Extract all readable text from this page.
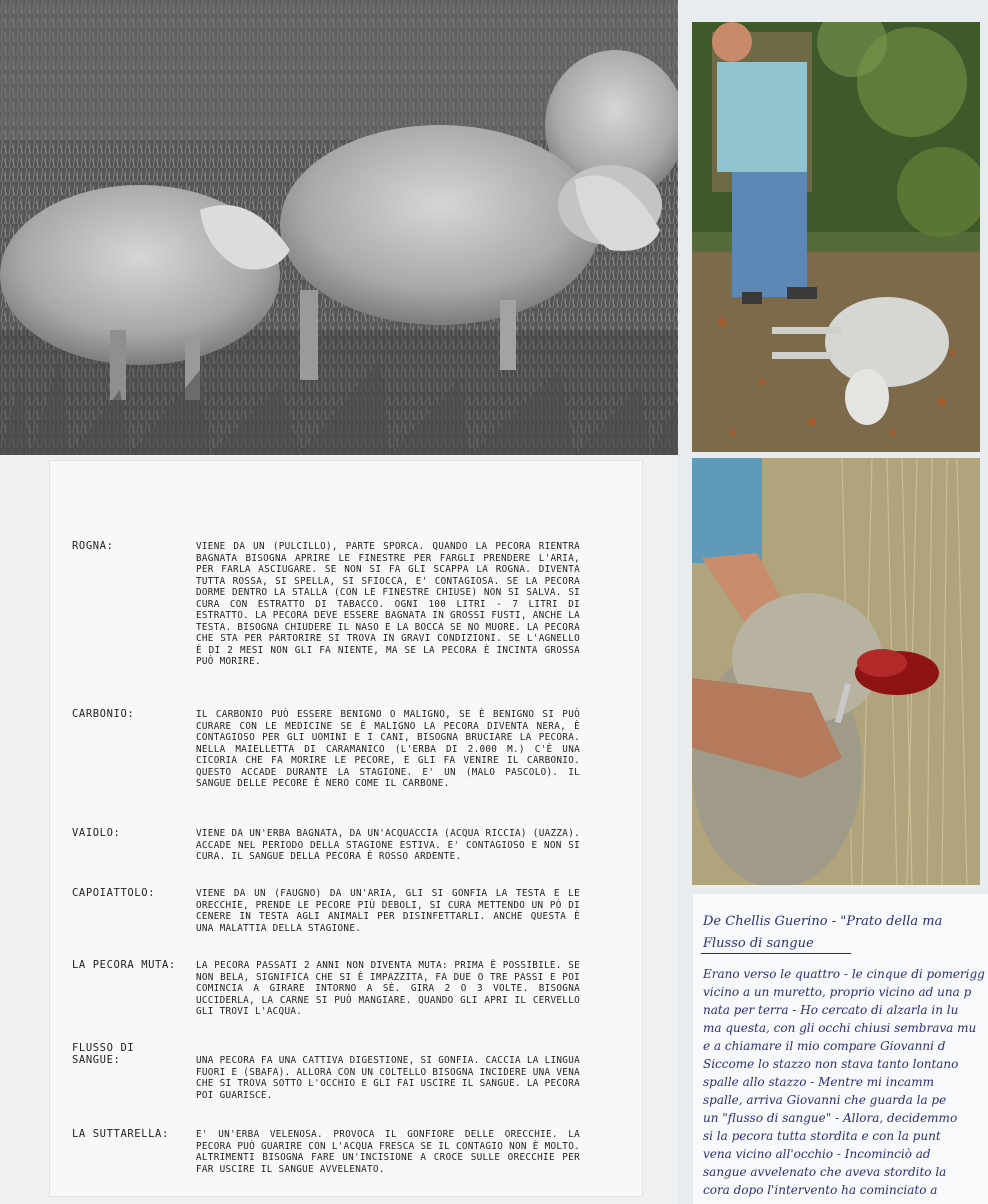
ROGNA:	VIENE DA UN (PULCILLO), PARTE SPORCA. QUANDO LA PECORA RIENTRA BAGNATA BISOGNA APRIRE LE FINESTRE PER FARGLI PRENDERE L'ARIA, PER FARLA ASCIUGARE. SE NON SI FA GLI SCAPPA LA ROGNA. DIVENTA TUTTA ROSSA, SI SPELLA, SI SFIOCCA, E' CONTAGIOSA. SE LA PECORA DORME DENTRO LA STALLA (CON LE FINESTRE CHIUSE) NON SI SALVA. SI CURA CON ESTRATTO DI TABACCO. OGNI 100 LITRI - 7 LITRI DI ESTRATTO. LA PECORA DEVE ESSERE BAGNATA IN GROSSI FUSTI, ANCHE LA TESTA. BISOGNA CHIUDERE IL NASO E LA BOCCA SE NO MUORE. LA PECORA CHE STA PER PARTORIRE SI TROVA IN GRAVI CONDIZIONI. SE L'AGNELLO È DI 2 MESI NON GLI FA NIENTE, MA SE LA PECORA È INCINTA GROSSA PUÒ MORIRE.
CARBONIO:	IL CARBONIO PUÒ ESSERE BENIGNO O MALIGNO, SE È BENIGNO SI PUÒ CURARE CON LE MEDICINE SE È MALIGNO LA PECORA DIVENTA NERA, È CONTAGIOSO PER GLI UOMINI E I CANI, BISOGNA BRUCIARE LA PECORA. NELLA MAIELLETTA DI CARAMANICO (L'ERBA DI 2.000 M.) C'È UNA CICORIA CHE FA MORIRE LE PECORE, E GLI FA VENIRE IL CARBONIO. QUESTO ACCADE DURANTE LA STAGIONE. E' UN (MALO PASCOLO). IL SANGUE DELLE PECORE È NERO COME IL CARBONE.
VAIOLO:	VIENE DA UN'ERBA BAGNATA, DA UN'ACQUACCIA (ACQUA RICCIA) (UAZZA). ACCADE NEL PERIODO DELLA STAGIONE ESTIVA. E' CONTAGIOSO E NON SI CURA. IL SANGUE DELLA PECORA È ROSSO ARDENTE.
CAPOIATTOLO:	VIENE DA UN (FAUGNO) DA UN'ARIA, GLI SI GONFIA LA TESTA E LE ORECCHIE, PRENDE LE PECORE PIÙ DEBOLI, SI CURA METTENDO UN PÒ DI CENERE IN TESTA AGLI ANIMALI PER DISINFETTARLI. ANCHE QUESTA È UNA MALATTIA DELLA STAGIONE.
LA PECORA MUTA:	LA PECORA PASSATI 2 ANNI NON DIVENTA MUTA: PRIMA È POSSIBILE. SE NON BELA, SIGNIFICA CHE SI È IMPAZZITA, FA DUE O TRE PASSI E POI COMINCIA A GIRARE INTORNO A SÈ. GIRA 2 O 3 VOLTE. BISOGNA UCCIDERLA, LA CARNE SI PUÒ MANGIARE. QUANDO GLI APRI IL CERVELLO GLI TROVI L'ACQUA.
FLUSSO DI SANGUE:	UNA PECORA FA UNA CATTIVA DIGESTIONE, SI GONFIA. CACCIA LA LINGUA FUORI E (SBAFA). ALLORA CON UN COLTELLO BISOGNA INCIDERE UNA VENA CHE SI TROVA SOTTO L'OCCHIO E GLI FAI USCIRE IL SANGUE. LA PECORA POI GUARISCE.
LA SUTTARELLA:	E' UN'ERBA VELENOSA. PROVOCA IL GONFIORE DELLE ORECCHIE. LA PECORA PUÒ GUARIRE CON L'ACQUA FRESCA SE IL CONTAGIO NON È MOLTO. ALTRIMENTI BISOGNA FARE UN'INCISIONE A CROCE SULLE ORECCHIE PER FAR USCIRE IL SANGUE AVVELENATO.
De Chellis Guerino - "Prato della ma
Flusso di sangue
Erano verso le quattro - le cinque di pomerigg
vicino a un muretto, proprio vicino ad una p
nata per terra - Ho cercato di alzarla in lu
ma questa, con gli occhi chiusi sembrava mu
e a chiamare il mio compare Giovanni d
Siccome lo stazzo non stava tanto lontano
spalle allo stazzo - Mentre mi incamm
spalle, arriva Giovanni che guarda la pe
un "flusso di sangue" - Allora, decidemmo
si la pecora tutta stordita e con la punt
vena vicino all'occhio - Incominciò ad
sangue avvelenato che aveva stordito la
cora dopo l'intervento ha cominciato a
